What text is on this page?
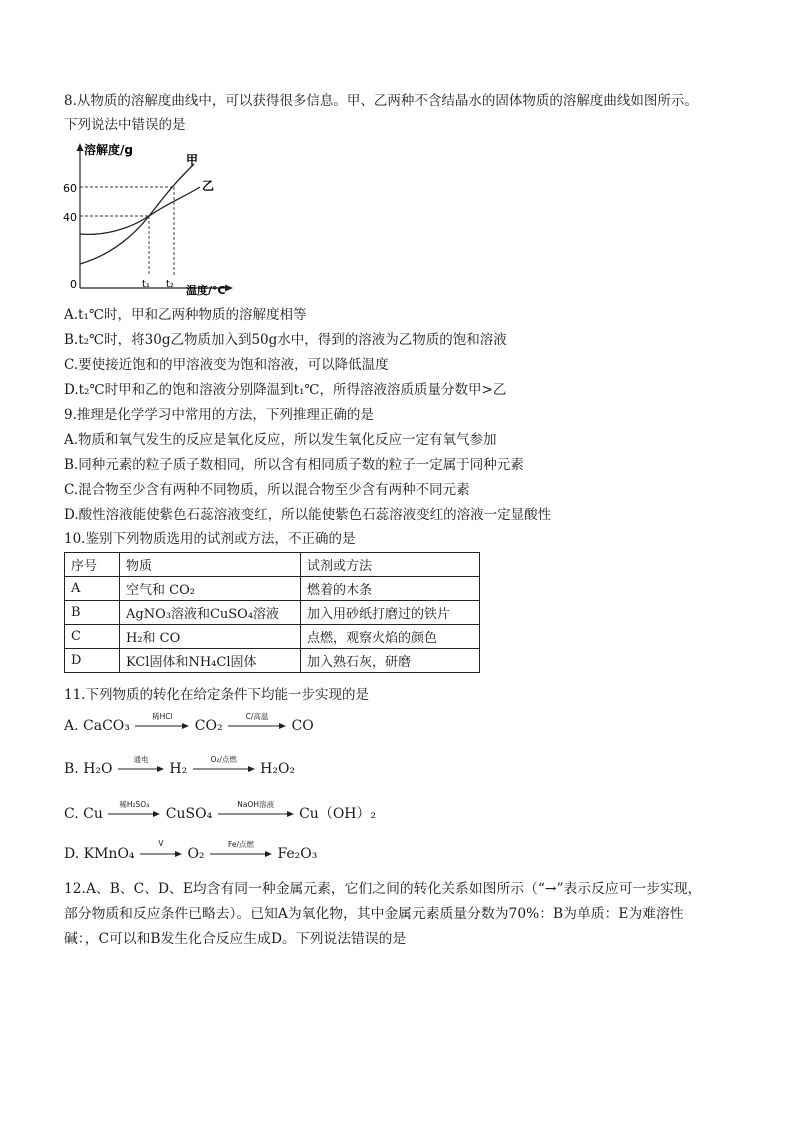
8.从物质的溶解度曲线中，可以获得很多信息。甲、乙两种不含结晶水的固体物质的溶解度曲线如图所示。
下列说法中错误的是
溶解度/g
温度/°C
0
60
40
t₁ t₂
甲
乙
A.t₁℃时，甲和乙两种物质的溶解度相等
B.t₂℃时，将30g乙物质加入到50g水中，得到的溶液为乙物质的饱和溶液
C.要使接近饱和的甲溶液变为饱和溶液，可以降低温度
D.t₂℃时甲和乙的饱和溶液分别降温到t₁℃，所得溶液溶质质量分数甲>乙
9.推理是化学学习中常用的方法，下列推理正确的是
A.物质和氧气发生的反应是氧化反应，所以发生氧化反应一定有氧气参加
B.同种元素的粒子质子数相同，所以含有相同质子数的粒子一定属于同种元素
C.混合物至少含有两种不同物质，所以混合物至少含有两种不同元素
D.酸性溶液能使紫色石蕊溶液变红，所以能使紫色石蕊溶液变红的溶液一定显酸性
10.鉴别下列物质选用的试剂或方法，不正确的是
序号	物质	试剂或方法
A	空气和 CO₂	燃着的木条
B	AgNO₃溶液和CuSO₄溶液	加入用砂纸打磨过的铁片
C	H₂和 CO	点燃，观察火焰的颜色
D	KCl固体和NH₄Cl固体	加入熟石灰，研磨
11.下列物质的转化在给定条件下均能一步实现的是
A. CaCO₃
稀HCl
CO₂
C/高温
CO
B. H₂O
通电
H₂
O₂/点燃
H₂O₂
C. Cu
稀H₂SO₄
CuSO₄
NaOH溶液
Cu（OH）₂
D. KMnO₄
V
O₂
Fe/点燃
Fe₂O₃
12.A、B、C、D、E均含有同一种金属元素，它们之间的转化关系如图所示（“→”表示反应可一步实现，
部分物质和反应条件已略去）。已知A为氧化物，其中金属元素质量分数为70%：B为单质：E为难溶性
碱：，C可以和B发生化合反应生成D。下列说法错误的是
